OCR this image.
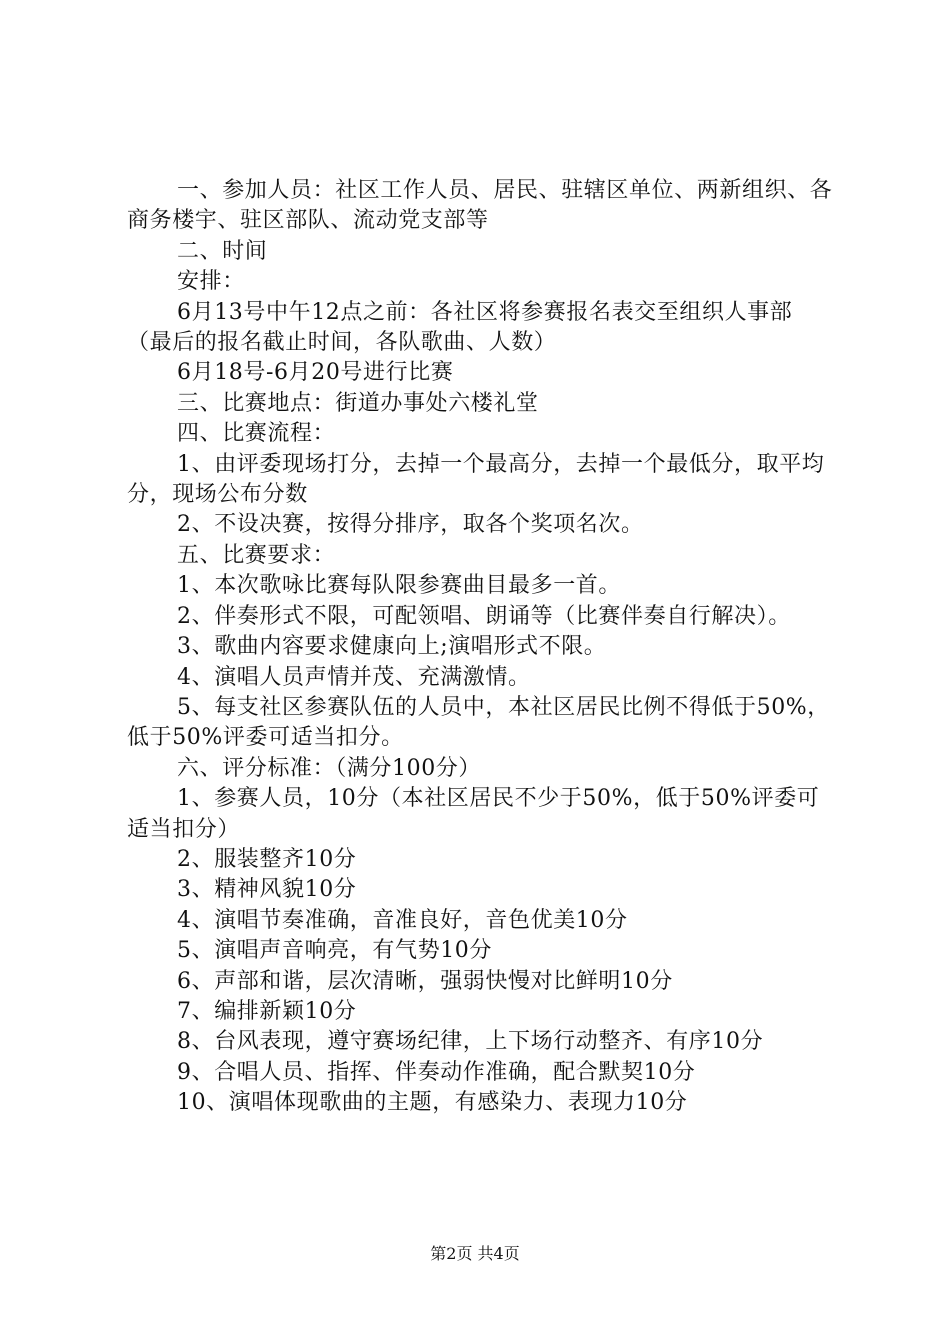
一、参加人员：社区工作人员、居民、驻辖区单位、两新组织、各商务楼宇、驻区部队、流动党支部等

二、时间

安排：

6月13号中午12点之前：各社区将参赛报名表交至组织人事部（最后的报名截止时间，各队歌曲、人数）

6月18号-6月20号进行比赛

三、比赛地点：街道办事处六楼礼堂

四、比赛流程：

1、由评委现场打分，去掉一个最高分，去掉一个最低分，取平均分，现场公布分数

2、不设决赛，按得分排序，取各个奖项名次。

五、比赛要求：

1、本次歌咏比赛每队限参赛曲目最多一首。

2、伴奏形式不限，可配领唱、朗诵等（比赛伴奏自行解决）。

3、歌曲内容要求健康向上;演唱形式不限。

4、演唱人员声情并茂、充满激情。

5、每支社区参赛队伍的人员中，本社区居民比例不得低于50%，低于50%评委可适当扣分。

六、评分标准：（满分100分）

1、参赛人员，10分（本社区居民不少于50%，低于50%评委可适当扣分）

2、服装整齐10分

3、精神风貌10分

4、演唱节奏准确，音准良好，音色优美10分

5、演唱声音响亮，有气势10分

6、声部和谐，层次清晰，强弱快慢对比鲜明10分

7、编排新颖10分

8、台风表现，遵守赛场纪律，上下场行动整齐、有序10分

9、合唱人员、指挥、伴奏动作准确，配合默契10分

10、演唱体现歌曲的主题，有感染力、表现力10分

第2页 共4页
